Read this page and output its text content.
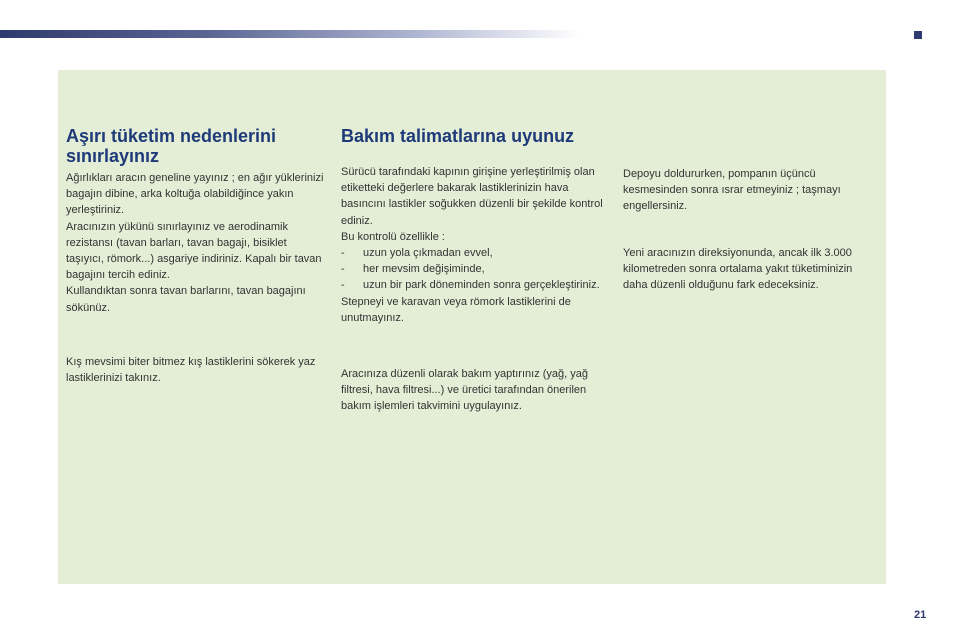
Aşırı tüketim nedenlerini sınırlayınız

Ağırlıkları aracın geneline yayınız ; en ağır yüklerinizi bagajın dibine, arka koltuğa olabildiğince yakın yerleştiriniz.

Aracınızın yükünü sınırlayınız ve aerodinamik rezistansı (tavan barları, tavan bagajı, bisiklet taşıyıcı, römork...) asgariye indiriniz. Kapalı bir tavan bagajını tercih ediniz.

Kullandıktan sonra tavan barlarını, tavan bagajını sökünüz.

Kış mevsimi biter bitmez kış lastiklerini sökerek yaz lastiklerinizi takınız.

Bakım talimatlarına uyunuz

Sürücü tarafındaki kapının girişine yerleştirilmiş olan etiketteki değerlere bakarak lastiklerinizin hava basıncını lastikler soğukken düzenli bir şekilde kontrol ediniz.

Bu kontrolü özellikle :

- uzun yola çıkmadan evvel,
- her mevsim değişiminde,
- uzun bir park döneminden sonra gerçekleştiriniz.

Stepneyi ve karavan veya römork lastiklerini de unutmayınız.

Aracınıza düzenli olarak bakım yaptırınız (yağ, yağ filtresi, hava filtresi...) ve üretici tarafından önerilen bakım işlemleri takvimini uygulayınız.

Depoyu doldururken, pompanın üçüncü kesmesinden sonra ısrar etmeyiniz ; taşmayı engellersiniz.

Yeni aracınızın direksiyonunda, ancak ilk 3.000 kilometreden sonra ortalama yakıt tüketiminizin daha düzenli olduğunu fark edeceksiniz.

21
